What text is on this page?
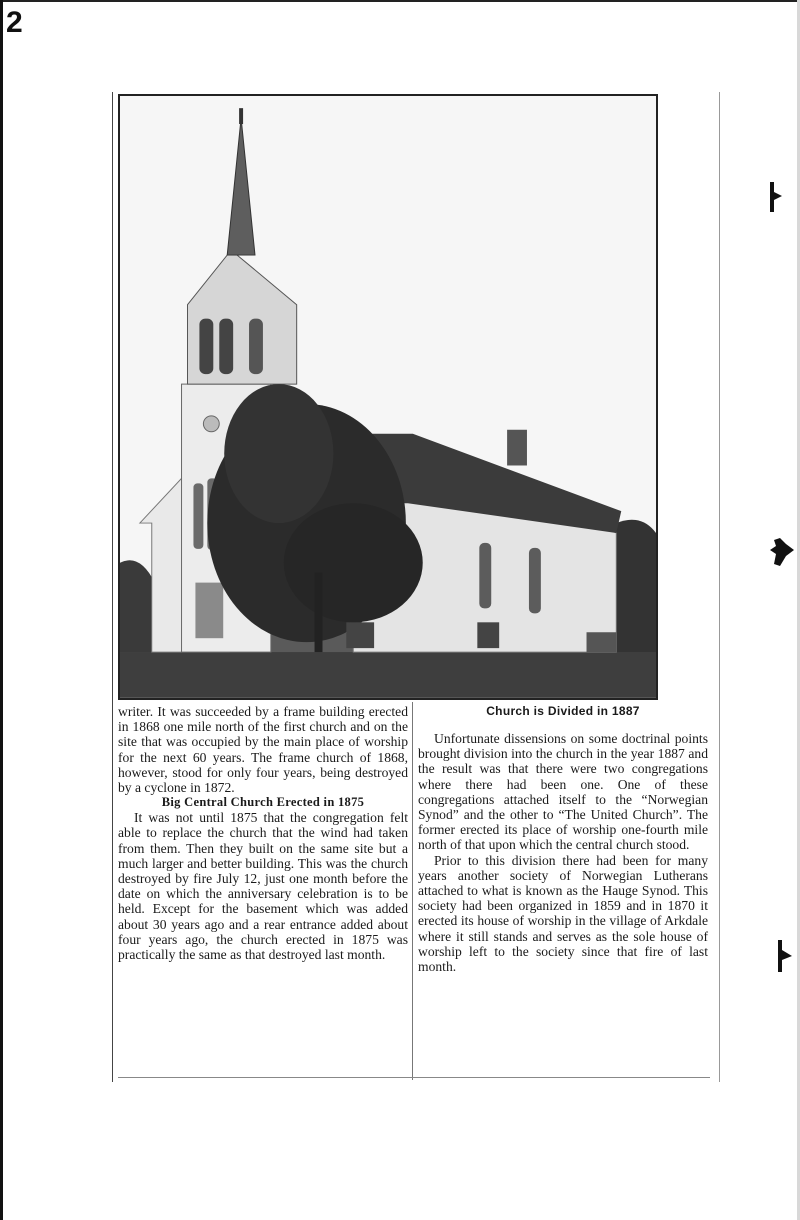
2

writer. It was succeeded by a frame building erected in 1868 one mile north of the first church and on the site that was occupied by the main place of worship for the next 60 years. The frame church of 1868, however, stood for only four years, being destroyed by a cyclone in 1872.

Big Central Church Erected in 1875

It was not until 1875 that the congregation felt able to replace the church that the wind had taken from them. Then they built on the same site but a much larger and better building. This was the church destroyed by fire July 12, just one month before the date on which the anniversary celebration is to be held. Except for the basement which was added about 30 years ago and a rear entrance added about four years ago, the church erected in 1875 was practically the same as that destroyed last month.

Church is Divided in 1887

Unfortunate dissensions on some doctrinal points brought division into the church in the year 1887 and the result was that there were two congregations where there had been one. One of these congregations attached itself to the “Norwegian Synod” and the other to “The United Church”. The former erected its place of worship one-fourth mile north of that upon which the central church stood.

Prior to this division there had been for many years another society of Norwegian Lutherans attached to what is known as the Hauge Synod. This society had been organized in 1859 and in 1870 it erected its house of worship in the village of Arkdale where it still stands and serves as the sole house of worship left to the society since that fire of last month.
